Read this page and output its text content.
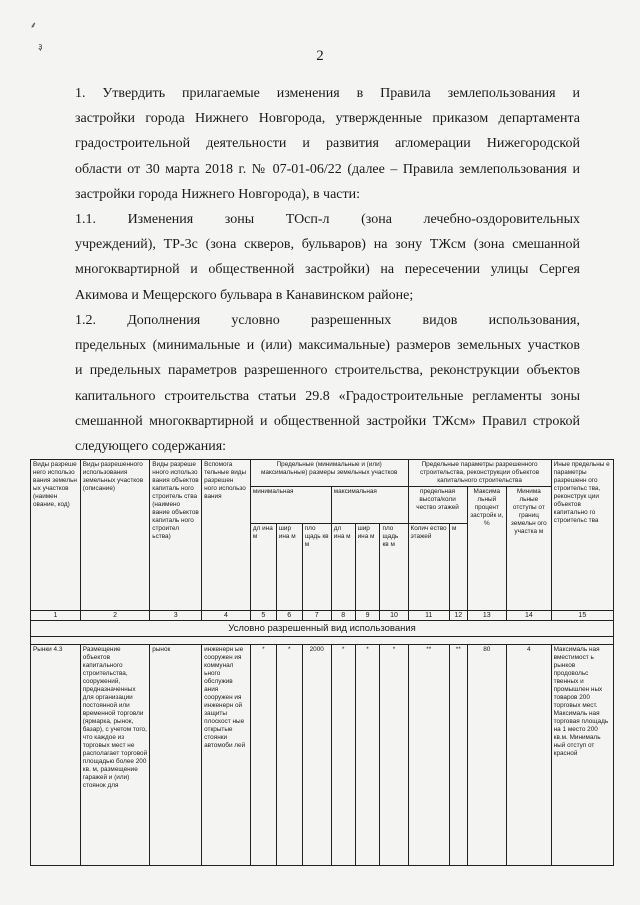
⸙
३
2
1. Утвердить прилагаемые изменения в Правила землепользования и
застройки города Нижнего Новгорода, утвержденные приказом департамента
градостроительной деятельности и развития агломерации Нижегородской
области от 30 марта 2018 г. № 07-01-06/22 (далее – Правила землепользования и
застройки города Нижнего Новгорода), в части:
1.1. Изменения зоны ТОсп-л (зона лечебно-оздоровительных
учреждений), ТР-3с (зона скверов, бульваров) на зону ТЖсм (зона смешанной
многоквартирной и общественной застройки) на пересечении улицы Сергея
Акимова и Мещерского бульвара в Канавинском районе;
1.2. Дополнения условно разрешенных видов использования,
предельных (минимальные и (или) максимальные) размеров земельных участков
и предельных параметров разрешенного строительства, реконструкции объектов
капитального строительства статьи 29.8 «Градостроительные регламенты зоны
смешанной многоквартирной и общественной застройки ТЖсм» Правил строкой
следующего содержания:
Виды разреше него использо вания земельн ых участков (наимен ование, код)	Виды разрешенного использования земельных участков (описание)	Виды разреше нного использо вания объектов капиталь ного строитель ства (наимено вание объектов капиталь ного строител ьства)	Вспомога тельные виды разрешен ного использо вания	Предельные (минимальные и (или) максимальные) размеры земельных участков						Предельные параметры разрешенного строительства, реконструкции объектов капитального строительства				Иные предельны е параметры разрешенн ого строительс тва, реконструк ции объектов капитально го строительс тва
				минимальная			максимальная			предельная высота/коли чество этажей		Максима льный процент застройк и, %	Минима льные отступы от границ земельн ого участка м	
				дл ина м	шир ина м	пло щадь кв м	дл ина м	шир ина м	пло щадь кв м	Колич ество этажей	м			
1	2	3	4	5	6	7	8	9	10	11	12	13	14	15
Условно разрешенный вид использования														

Рынки 4.3	Размещение объектов капитального строительства, сооружений, предназначенных для организации постоянной или временной торговли (ярмарка, рынок, базар), с учетом того, что каждое из торговых мест не располагает торговой площадью более 200 кв. м, размещение гаражей и (или) стоянок для	рынок	инженерн ые сооружен ия коммунал ьного обслужив ания сооружен ия инженерн ой защиты плоскост ные открытые стоянки автомоби лей	*	*	2000	*	*	*	**	**	80	4	Максималь ная вместимост ь рынков продовольс твенных и промышлен ных товаров 200 торговых мест. Максималь ная торговая площадь на 1 место 200 кв.м. Минималь ный отступ от красной
